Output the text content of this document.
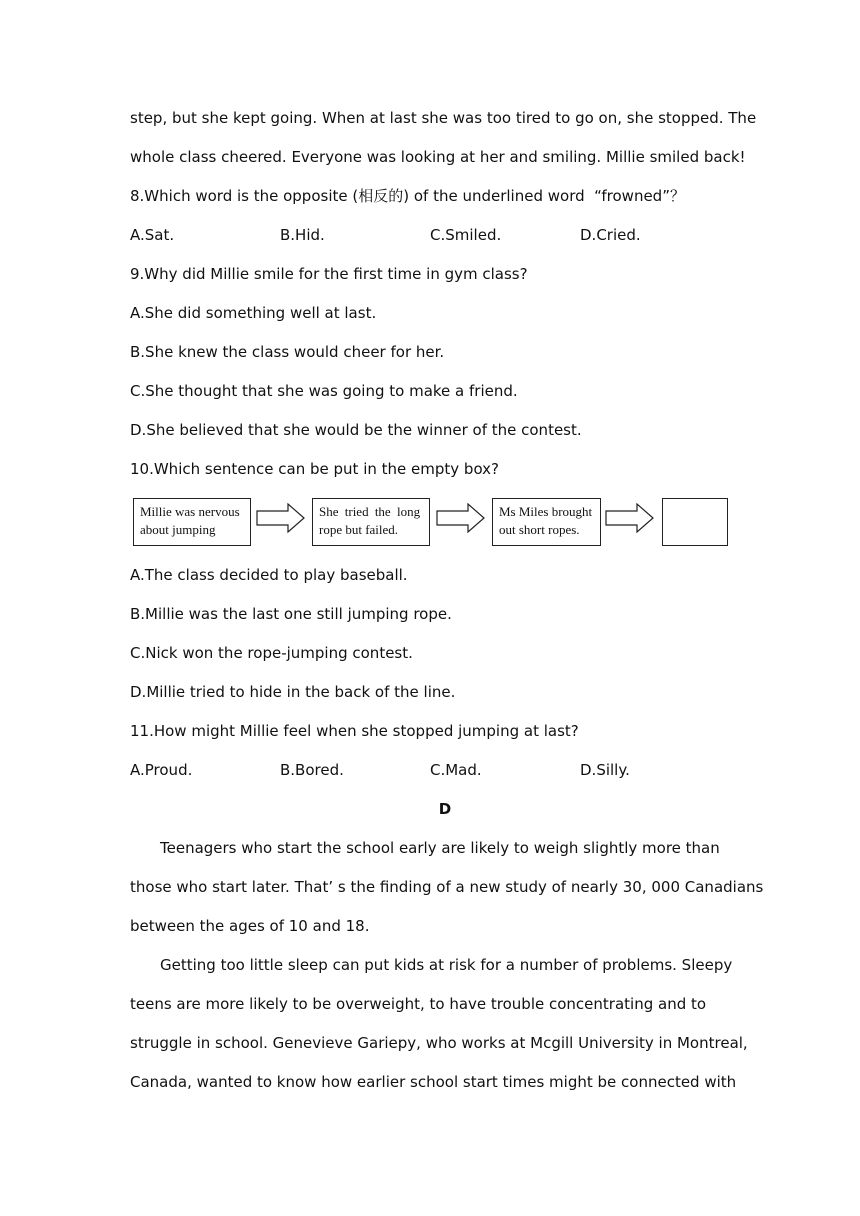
step, but she kept going. When at last she was too tired to go on, she stopped. The
whole class cheered. Everyone was looking at her and smiling. Millie smiled back!
8.Which word is the opposite (相反的) of the underlined word  “frowned”？
A.Sat.	B.Hid.	C.Smiled.	D.Cried.
9.Why did Millie smile for the first time in gym class?
A.She did something well at last.
B.She knew the class would cheer for her.
C.She thought that she was going to make a friend.
D.She believed that she would be the winner of the contest.
10.Which sentence can be put in the empty box?
Millie was nervous
about jumping
She tried the long
rope but failed.
Ms Miles brought
out short ropes.
A.The class decided to play baseball.
B.Millie was the last one still jumping rope.
C.Nick won the rope-jumping contest.
D.Millie tried to hide in the back of the line.
11.How might Millie feel when she stopped jumping at last?
A.Proud.	B.Bored.	C.Mad.	D.Silly.
D
Teenagers who start the school early are likely to weigh slightly more than
those who start later. That’ s the finding of a new study of nearly 30, 000 Canadians
between the ages of 10 and 18.
Getting too little sleep can put kids at risk for a number of problems. Sleepy
teens are more likely to be overweight, to have trouble concentrating and to
struggle in school. Genevieve Gariepy, who works at Mcgill University in Montreal,
Canada, wanted to know how earlier school start times might be connected with
